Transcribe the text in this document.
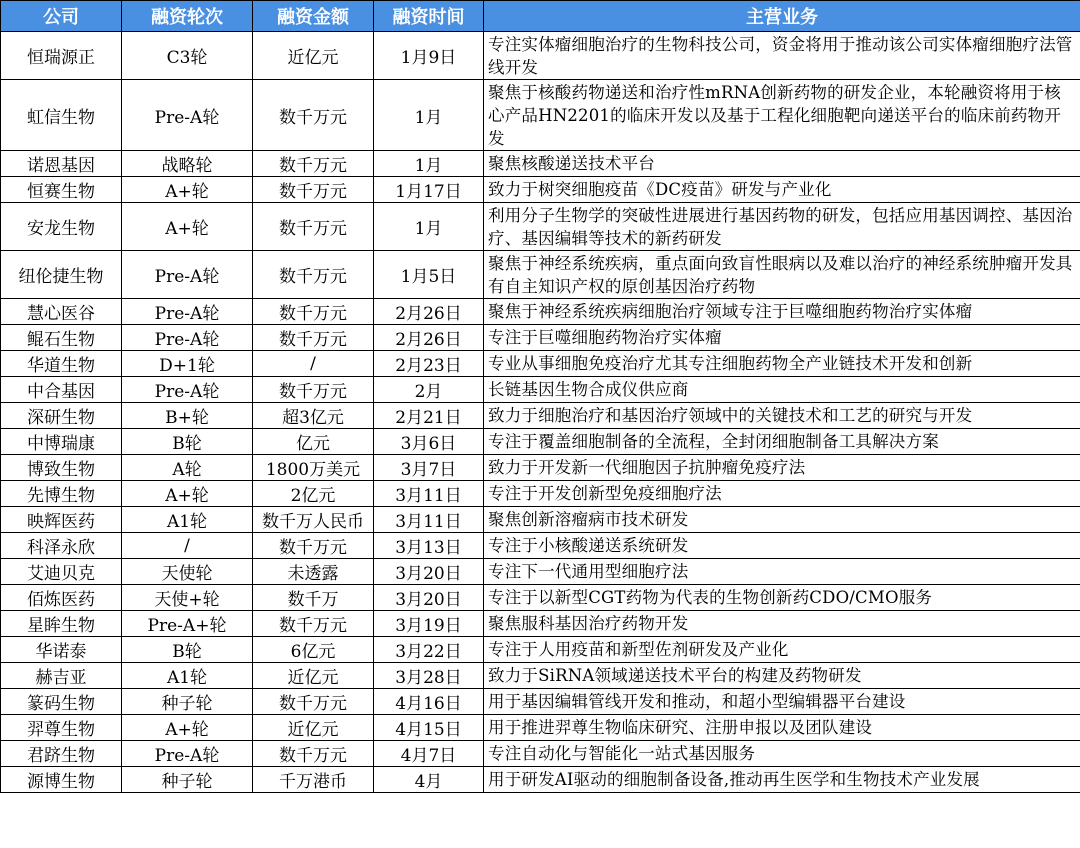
公司	融资轮次	融资金额	融资时间	主营业务
恒瑞源正	C3轮	近亿元	1月9日	专注实体瘤细胞治疗的生物科技公司，资金将用于推动该公司实体瘤细胞疗法管线开发
虹信生物	Pre-A轮	数千万元	1月	聚焦于核酸药物递送和治疗性mRNA创新药物的研发企业，本轮融资将用于核心产品HN2201的临床开发以及基于工程化细胞靶向递送平台的临床前药物开发
诺恩基因	战略轮	数千万元	1月	聚焦核酸递送技术平台
恒赛生物	A+轮	数千万元	1月17日	致力于树突细胞疫苗《DC疫苗》研发与产业化
安龙生物	A+轮	数千万元	1月	利用分子生物学的突破性进展进行基因药物的研发，包括应用基因调控、基因治疗、基因编辑等技术的新药研发
纽伦捷生物	Pre-A轮	数千万元	1月5日	聚焦于神经系统疾病，重点面向致盲性眼病以及难以治疗的神经系统肿瘤开发具有自主知识产权的原创基因治疗药物
慧心医谷	Pre-A轮	数千万元	2月26日	聚焦于神经系统疾病细胞治疗领域专注于巨噬细胞药物治疗实体瘤
鲲石生物	Pre-A轮	数千万元	2月26日	专注于巨噬细胞药物治疗实体瘤
华道生物	D+1轮	/	2月23日	专业从事细胞免疫治疗尤其专注细胞药物全产业链技术开发和创新
中合基因	Pre-A轮	数千万元	2月	长链基因生物合成仪供应商
深研生物	B+轮	超3亿元	2月21日	致力于细胞治疗和基因治疗领域中的关键技术和工艺的研究与开发
中博瑞康	B轮	亿元	3月6日	专注于覆盖细胞制备的全流程，全封闭细胞制备工具解决方案
博致生物	A轮	1800万美元	3月7日	致力于开发新一代细胞因子抗肿瘤免疫疗法
先博生物	A+轮	2亿元	3月11日	专注于开发创新型免疫细胞疗法
映辉医药	A1轮	数千万人民币	3月11日	聚焦创新溶瘤病市技术研发
科泽永欣	/	数千万元	3月13日	专注于小核酸递送系统研发
艾迪贝克	天使轮	未透露	3月20日	专注下一代通用型细胞疗法
佰炼医药	天使+轮	数千万	3月20日	专注于以新型CGT药物为代表的生物创新药CDO/CMO服务
星眸生物	Pre-A+轮	数千万元	3月19日	聚焦服科基因治疗药物开发
华诺泰	B轮	6亿元	3月22日	专注于人用疫苗和新型佐剂研发及产业化
赫吉亚	A1轮	近亿元	3月28日	致力于SiRNA领域递送技术平台的构建及药物研发
篆码生物	种子轮	数千万元	4月16日	用于基因编辑管线开发和推动，和超小型编辑器平台建设
羿尊生物	A+轮	近亿元	4月15日	用于推进羿尊生物临床研究、注册申报以及团队建设
君跻生物	Pre-A轮	数千万元	4月7日	专注自动化与智能化一站式基因服务
源博生物	种子轮	千万港币	4月	用于研发AI驱动的细胞制备设备,推动再生医学和生物技术产业发展
